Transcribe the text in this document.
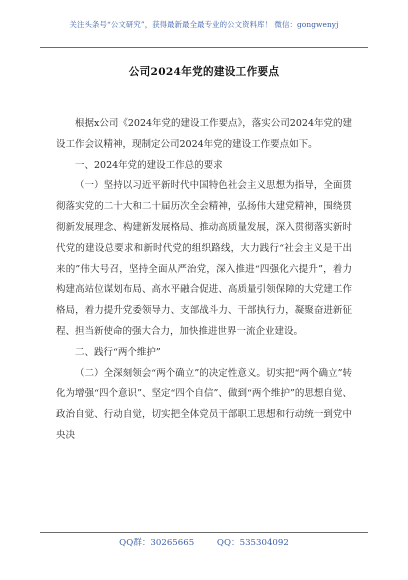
关注头条号“公文研究”，获得最新最全最专业的公文资料库！ 微信：gongwenyj
公司2024年党的建设工作要点

根据x公司《2024年党的建设工作要点》，落实公司2024年党的建设工作会议精神，现制定公司2024年党的建设工作要点如下。

一、2024年党的建设工作总的要求

（一）坚持以习近平新时代中国特色社会主义思想为指导，全面贯彻落实党的二十大和二十届历次全会精神，弘扬伟大建党精神，围绕贯彻新发展理念、构建新发展格局、推动高质量发展，深入贯彻落实新时代党的建设总要求和新时代党的组织路线，大力践行“社会主义是干出来的”伟大号召，坚持全面从严治党，深入推进“四强化六提升”，着力构建高站位谋划布局、高水平融合促进、高质量引领保障的大党建工作格局，着力提升党委领导力、支部战斗力、干部执行力，凝聚奋进新征程、担当新使命的强大合力，加快推进世界一流企业建设。

二、践行“两个维护”

（二）全深刻领会“两个确立”的决定性意义。切实把“两个确立”转化为增强“四个意识”、坚定“四个自信”、做到“两个维护”的思想自觉、政治自觉、行动自觉，切实把全体党员干部职工思想和行动统一到党中央决

QQ群：30265665	QQ：535304092
